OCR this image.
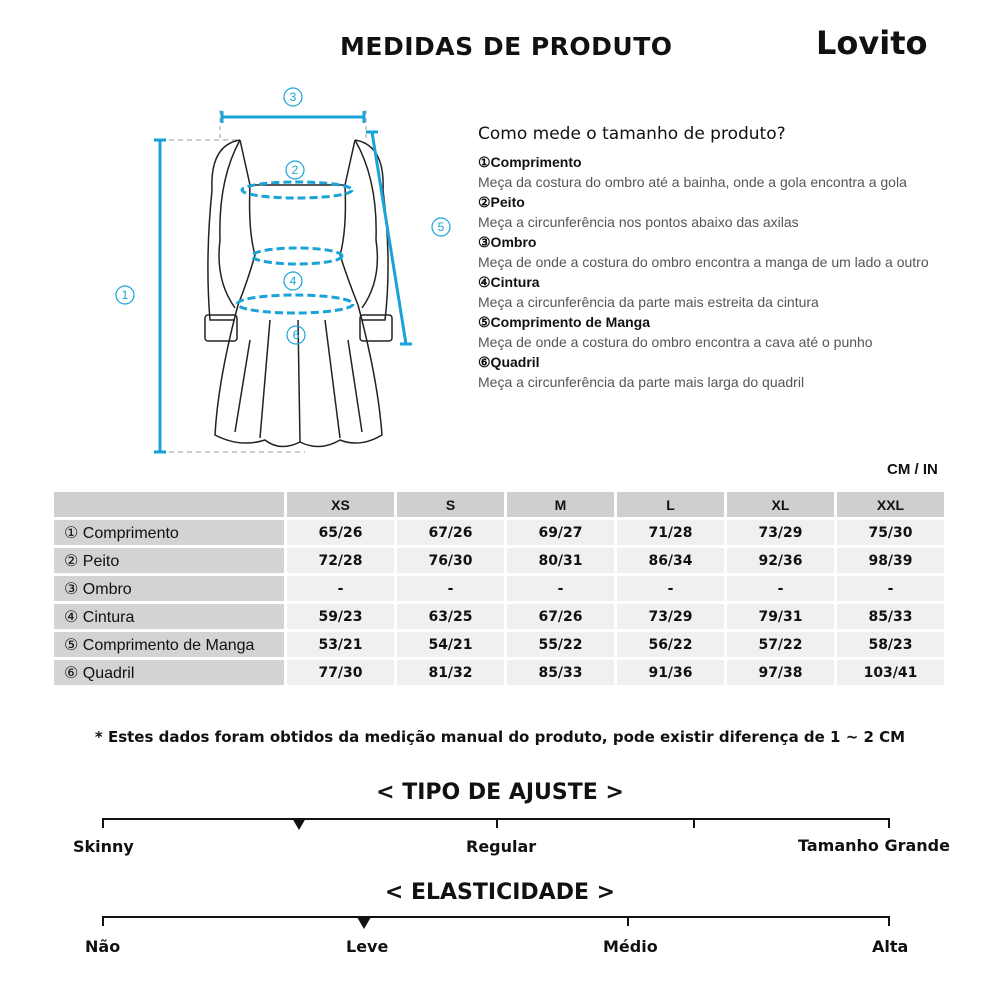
MEDIDAS DE PRODUTO	Lovito
1
2
3
4
5
6
Como mede o tamanho de produto?
①Comprimento
Meça da costura do ombro até a bainha, onde a gola encontra a gola
②Peito
Meça a circunferência nos pontos abaixo das axilas
③Ombro
Meça de onde a costura do ombro encontra a manga de um lado a outro
④Cintura
Meça a circunferência da parte mais estreita da cintura
⑤Comprimento de Manga
Meça de onde a costura do ombro encontra a cava até o punho
⑥Quadril
Meça a circunferência da parte mais larga do quadril
CM / IN
	XS	S	M	L	XL	XXL
① Comprimento	65/26	67/26	69/27	71/28	73/29	75/30
② Peito	72/28	76/30	80/31	86/34	92/36	98/39
③ Ombro	-	-	-	-	-	-
④ Cintura	59/23	63/25	67/26	73/29	79/31	85/33
⑤ Comprimento de Manga	53/21	54/21	55/22	56/22	57/22	58/23
⑥ Quadril	77/30	81/32	85/33	91/36	97/38	103/41
* Estes dados foram obtidos da medição manual do produto, pode existir diferença de 1 ~ 2 CM
< TIPO DE AJUSTE >
Skinny	Regular	Tamanho Grande
< ELASTICIDADE >
Não	Leve	Médio	Alta
